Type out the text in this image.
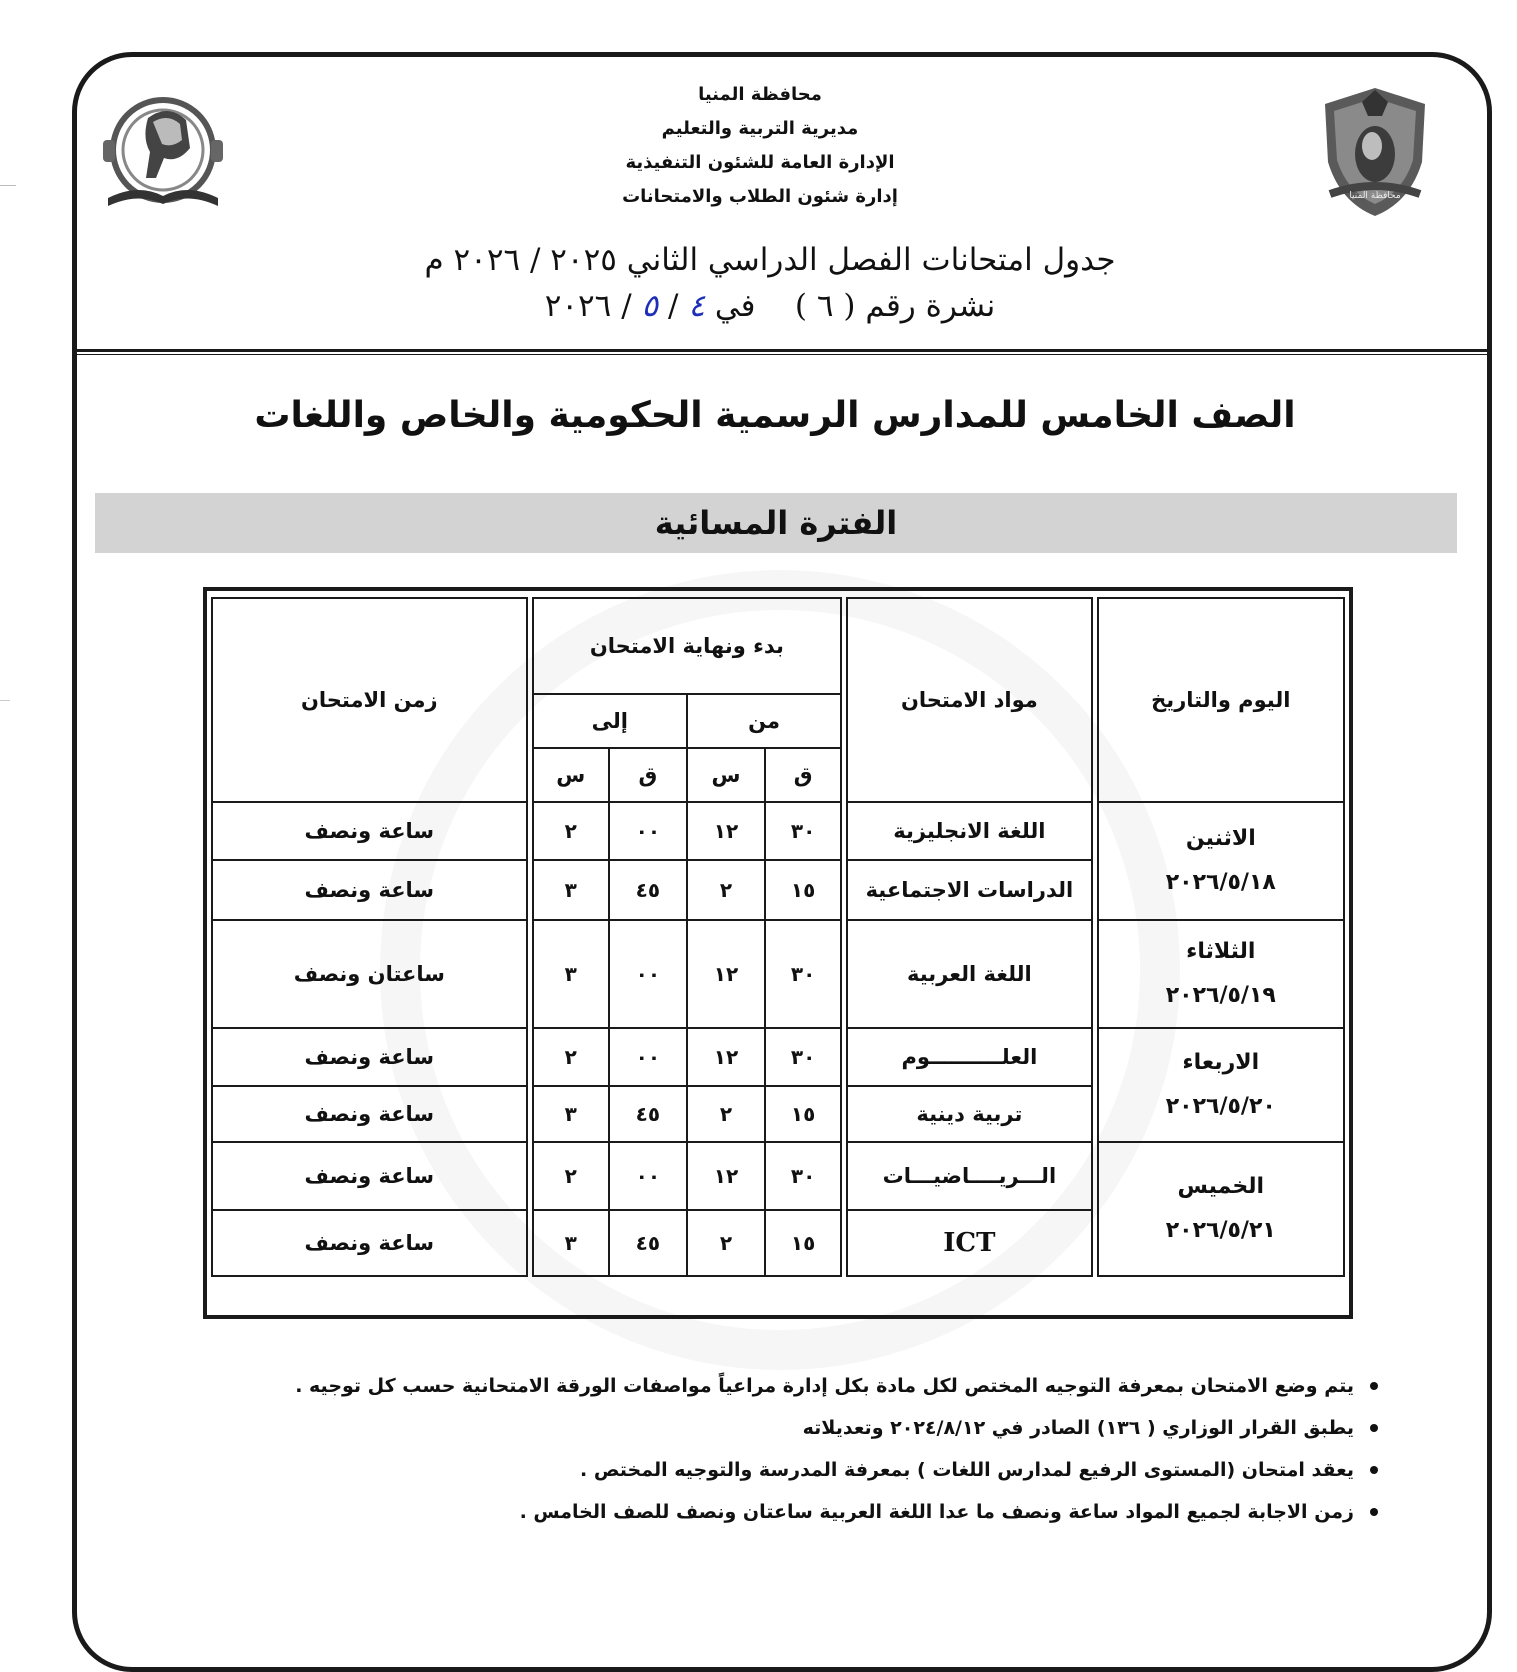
محافظة المنيا
محافظة المنيا
مديرية التربية والتعليم
الإدارة العامة للشئون التنفيذية
إدارة شئون الطلاب والامتحانات
جدول امتحانات الفصل الدراسي الثاني ٢٠٢٥ / ٢٠٢٦ م
نشرة رقم ( ٦ )    في ٤ / ٥ / ٢٠٢٦
الصف الخامس للمدارس الرسمية الحكومية والخاص واللغات
الفترة المسائية
اليوم والتاريخ		مواد الامتحان		بدء ونهاية الامتحان					زمن الامتحان
				من		إلى			
				ق	س	ق	س		

الاثنين
٢٠٢٦/٥/١٨		اللغة الانجليزية		٣٠	١٢	٠٠	٢		ساعة ونصف
		الدراسات الاجتماعية		١٥	٢	٤٥	٣		ساعة ونصف

الثلاثاء
٢٠٢٦/٥/١٩		اللغة العربية		٣٠	١٢	٠٠	٣		ساعتان ونصف

الاربعاء
٢٠٢٦/٥/٢٠		العلــــــــــوم		٣٠	١٢	٠٠	٢		ساعة ونصف
		تربية دينية		١٥	٢	٤٥	٣		ساعة ونصف

الخميس
٢٠٢٦/٥/٢١		الـــريــــاضيـــات		٣٠	١٢	٠٠	٢		ساعة ونصف
		ICT		١٥	٢	٤٥	٣		ساعة ونصف
يتم وضع الامتحان بمعرفة التوجيه المختص لكل مادة بكل إدارة مراعياً مواصفات الورقة الامتحانية حسب كل توجيه .
يطبق القرار الوزاري ( ١٣٦) الصادر في ٢٠٢٤/٨/١٢ وتعديلاته
يعقد امتحان (المستوى الرفيع لمدارس اللغات ) بمعرفة المدرسة والتوجيه المختص .
زمن الاجابة لجميع المواد ساعة ونصف ما عدا اللغة العربية ساعتان ونصف للصف الخامس .
